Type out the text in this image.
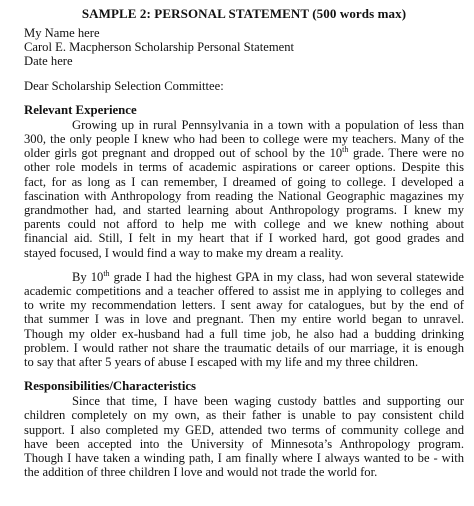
SAMPLE 2: PERSONAL STATEMENT (500 words max)
My Name here
Carol E. Macpherson Scholarship Personal Statement
Date here
Dear Scholarship Selection Committee:
Relevant Experience
Growing up in rural Pennsylvania in a town with a population of less than
300, the only people I knew who had been to college were my teachers. Many of the
older girls got pregnant and dropped out of school by the 10th grade. There were no
other role models in terms of academic aspirations or career options. Despite this
fact, for as long as I can remember, I dreamed of going to college. I developed a
fascination with Anthropology from reading the National Geographic magazines my
grandmother had, and started learning about Anthropology programs. I knew my
parents could not afford to help me with college and we knew nothing about
financial aid. Still, I felt in my heart that if I worked hard, got good grades and
stayed focused, I would find a way to make my dream a reality.
By 10th grade I had the highest GPA in my class, had won several statewide
academic competitions and a teacher offered to assist me in applying to colleges and
to write my recommendation letters. I sent away for catalogues, but by the end of
that summer I was in love and pregnant. Then my entire world began to unravel.
Though my older ex-husband had a full time job, he also had a budding drinking
problem. I would rather not share the traumatic details of our marriage, it is enough
to say that after 5 years of abuse I escaped with my life and my three children.
Responsibilities/Characteristics
Since that time, I have been waging custody battles and supporting our
children completely on my own, as their father is unable to pay consistent child
support. I also completed my GED, attended two terms of community college and
have been accepted into the University of Minnesota’s Anthropology program.
Though I have taken a winding path, I am finally where I always wanted to be - with
the addition of three children I love and would not trade the world for.
